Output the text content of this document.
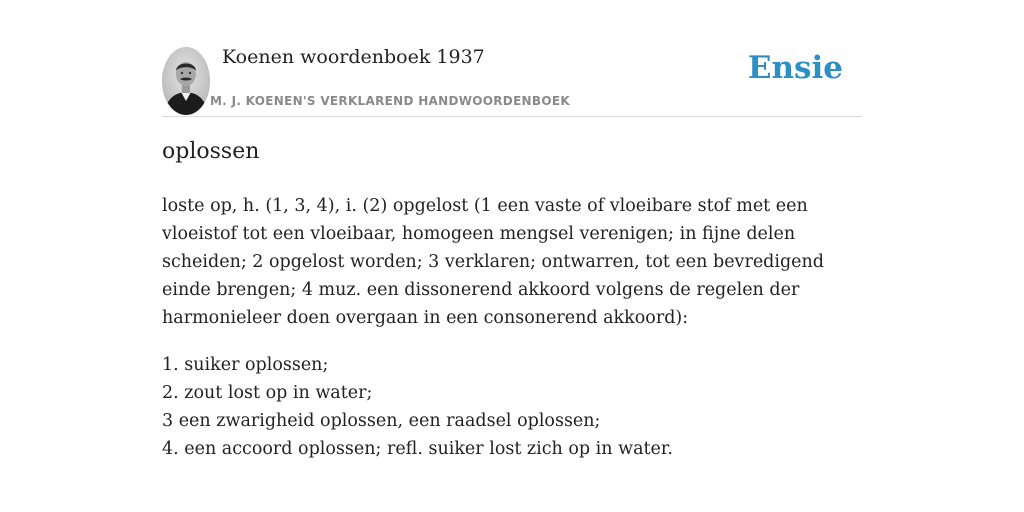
Koenen woordenboek 1937
M. J. KOENEN'S VERKLAREND HANDWOORDENBOEK
Ensie
oplossen

loste op, h. (1, 3, 4), i. (2) opgelost (1 een vaste of vloeibare stof met een vloeistof tot een vloeibaar, homogeen mengsel verenigen; in fijne delen scheiden; 2 opgelost worden; 3 verklaren; ontwarren, tot een bevredigend einde brengen; 4 muz. een dissonerend akkoord volgens de regelen der harmonieleer doen overgaan in een consonerend akkoord):

1. suiker oplossen;
2. zout lost op in water;
3 een zwarigheid oplossen, een raadsel oplossen;
4. een accoord oplossen; refl. suiker lost zich op in water.
